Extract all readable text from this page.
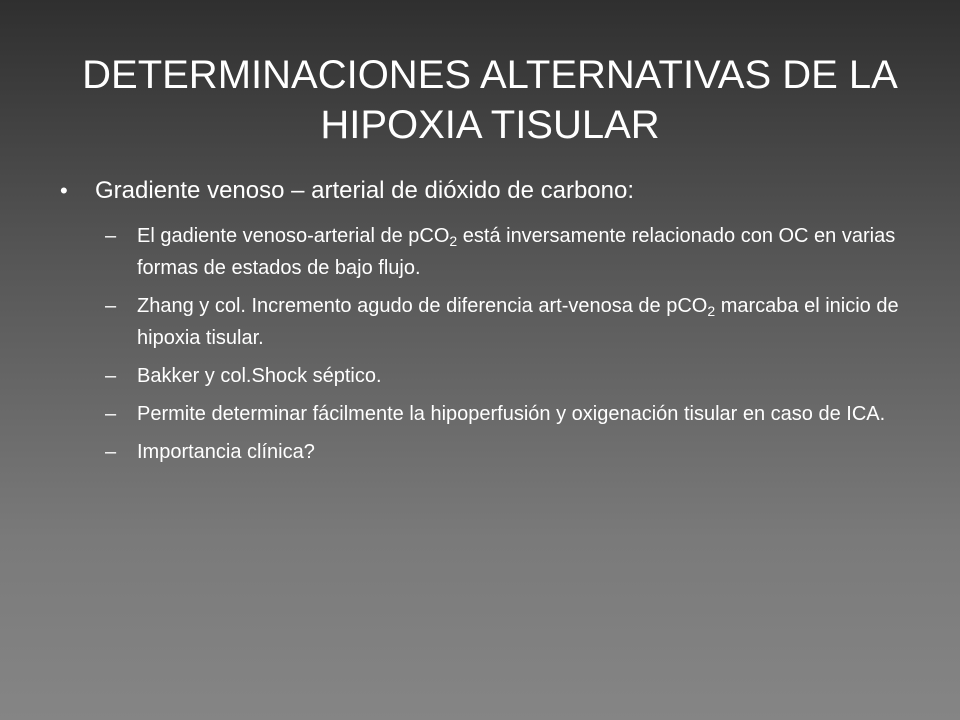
DETERMINACIONES ALTERNATIVAS DE LA
HIPOXIA TISULAR
•	Gradiente venoso – arterial de dióxido de carbono:
–	El gadiente venoso-arterial de pCO$_2$ está inversamente relacionado con OC en varias formas de estados de bajo flujo.
–	Zhang y col. Incremento agudo de diferencia art-venosa de pCO$_2$ marcaba el inicio de hipoxia tisular.
–	Bakker y col.Shock séptico.
–	Permite determinar fácilmente la hipoperfusión y oxigenación tisular en caso de ICA.
–	Importancia clínica?
